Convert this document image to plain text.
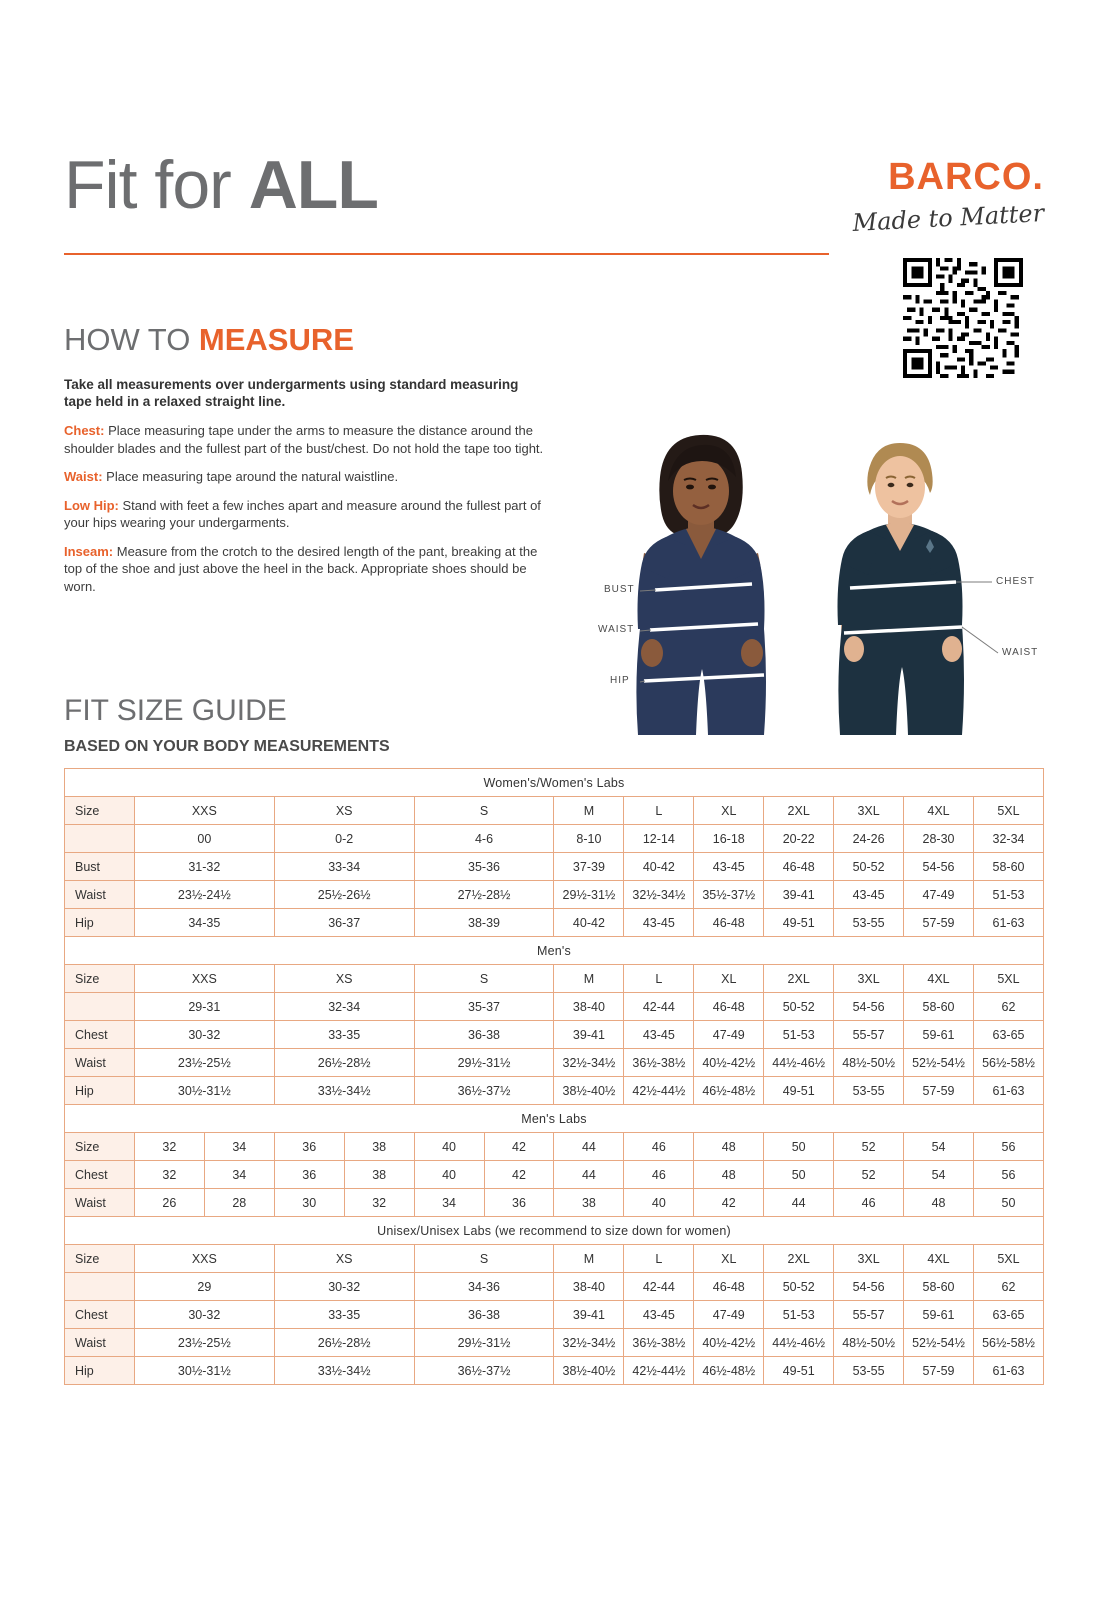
Fit for ALL	BARCO.
Made to Matter
HOW TO MEASURE
Take all measurements over undergarments using standard measuring tape held in a relaxed straight line.
Chest: Place measuring tape under the arms to measure the distance around the shoulder blades and the fullest part of the bust/chest. Do not hold the tape too tight.
Waist: Place measuring tape around the natural waistline.
Low Hip: Stand with feet a few inches apart and measure around the fullest part of your hips wearing your undergarments.
Inseam: Measure from the crotch to the desired length of the pant, breaking at the top of the shoe and just above the heel in the back. Appropriate shoes should be worn.	BUST
WAIST
HIP
CHEST
WAIST
FIT SIZE GUIDE
BASED ON YOUR BODY MEASUREMENTS
Women's/Women's Labs													
Size	XXS		XS		S		M	L	XL	2XL	3XL	4XL	5XL
	00		0-2		4-6		8-10	12-14	16-18	20-22	24-26	28-30	32-34
Bust	31-32		33-34		35-36		37-39	40-42	43-45	46-48	50-52	54-56	58-60
Waist	23½-24½		25½-26½		27½-28½		29½-31½	32½-34½	35½-37½	39-41	43-45	47-49	51-53
Hip	34-35		36-37		38-39		40-42	43-45	46-48	49-51	53-55	57-59	61-63
Men's													
Size	XXS		XS		S		M	L	XL	2XL	3XL	4XL	5XL
	29-31		32-34		35-37		38-40	42-44	46-48	50-52	54-56	58-60	62
Chest	30-32		33-35		36-38		39-41	43-45	47-49	51-53	55-57	59-61	63-65
Waist	23½-25½		26½-28½		29½-31½		32½-34½	36½-38½	40½-42½	44½-46½	48½-50½	52½-54½	56½-58½
Hip	30½-31½		33½-34½		36½-37½		38½-40½	42½-44½	46½-48½	49-51	53-55	57-59	61-63
Men's Labs													
Size	32	34	36	38	40	42	44	46	48	50	52	54	56
Chest	32	34	36	38	40	42	44	46	48	50	52	54	56
Waist	26	28	30	32	34	36	38	40	42	44	46	48	50
Unisex/Unisex Labs (we recommend to size down for women)													
Size	XXS		XS		S		M	L	XL	2XL	3XL	4XL	5XL
	29		30-32		34-36		38-40	42-44	46-48	50-52	54-56	58-60	62
Chest	30-32		33-35		36-38		39-41	43-45	47-49	51-53	55-57	59-61	63-65
Waist	23½-25½		26½-28½		29½-31½		32½-34½	36½-38½	40½-42½	44½-46½	48½-50½	52½-54½	56½-58½
Hip	30½-31½		33½-34½		36½-37½		38½-40½	42½-44½	46½-48½	49-51	53-55	57-59	61-63
